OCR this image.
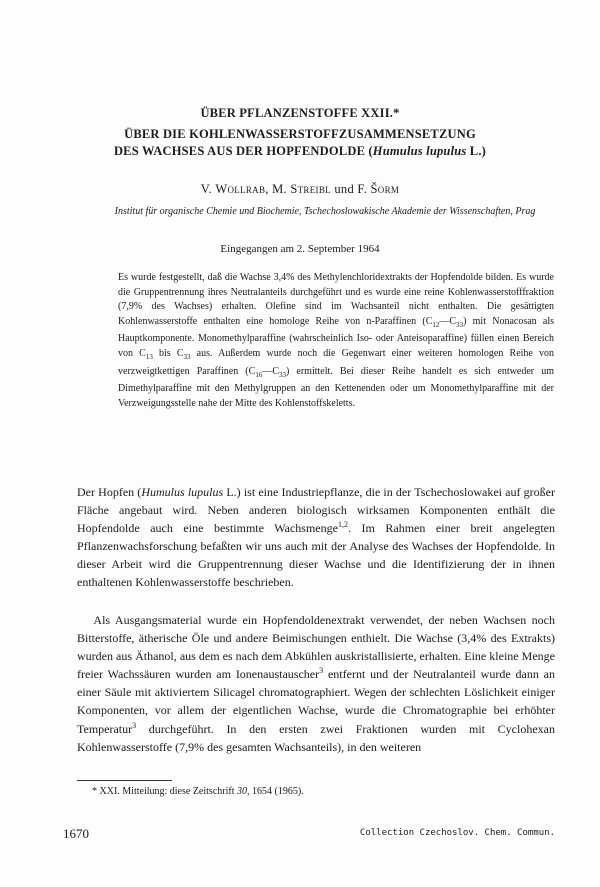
ÜBER PFLANZENSTOFFE XXII.*
ÜBER DIE KOHLENWASSERSTOFFZUSAMMENSETZUNG
DES WACHSES AUS DER HOPFENDOLDE (Humulus lupulus L.)
V. Wollrab, M. Streibl und F. Šorm
Institut für organische Chemie und Biochemie, Tschechoslowakische Akademie der Wissenschaften, Prag
Eingegangen am 2. September 1964

Es wurde festgestellt, daß die Wachse 3,4% des Methylenchloridextrakts der Hopfendolde bilden. Es wurde die Gruppentrennung ihres Neutralanteils durchgeführt und es wurde eine reine Kohlenwasserstofffraktion (7,9% des Wachses) erhalten. Olefine sind im Wachsanteil nicht enthalten. Die gesättigten Kohlenwasserstoffe enthalten eine homologe Reihe von n-Paraffinen $(C_{12}—C_{33})$ mit Nonacosan als Hauptkomponente. Monomethylparaffine (wahrscheinlich Iso- oder Anteisoparaffine) füllen einen Bereich von $C_{13}$ bis $C_{33}$ aus. Außerdem wurde noch die Gegenwart einer weiteren homologen Reihe von verzweigtkettigen Paraffinen $(C_{16}—C_{33})$ ermittelt. Bei dieser Reihe handelt es sich entweder um Dimethylparaffine mit den Methylgruppen an den Kettenenden oder um Monomethylparaffine mit der Verzweigungsstelle nahe der Mitte des Kohlenstoffskeletts.

Der Hopfen (Humulus lupulus L.) ist eine Industriepflanze, die in der Tschechoslowakei auf großer Fläche angebaut wird. Neben anderen biologisch wirksamen Komponenten enthält die Hopfendolde auch eine bestimmte Wachsmenge$^{1,2}$. Im Rahmen einer breit angelegten Pflanzenwachsforschung befaßten wir uns auch mit der Analyse des Wachses der Hopfendolde. In dieser Arbeit wird die Gruppentrennung dieser Wachse und die Identifizierung der in ihnen enthaltenen Kohlenwasserstoffe beschrieben.

Als Ausgangsmaterial wurde ein Hopfendoldenextrakt verwendet, der neben Wachsen noch Bitterstoffe, ätherische Öle und andere Beimischungen enthielt. Die Wachse (3,4% des Extrakts) wurden aus Äthanol, aus dem es nach dem Abkühlen auskristallisierte, erhalten. Eine kleine Menge freier Wachssäuren wurden am Ionenaustauscher$^3$ entfernt und der Neutralanteil wurde dann an einer Säule mit aktiviertem Silicagel chromatographiert. Wegen der schlechten Löslichkeit einiger Komponenten, vor allem der eigentlichen Wachse, wurde die Chromatographie bei erhöhter Temperatur$^3$ durchgeführt. In den ersten zwei Fraktionen wurden mit Cyclohexan Kohlenwasserstoffe (7,9% des gesamten Wachsanteils), in den weiteren

* XXI. Mitteilung: diese Zeitschrift 30, 1654 (1965).
1670	Collection Czechoslov. Chem. Commun.
